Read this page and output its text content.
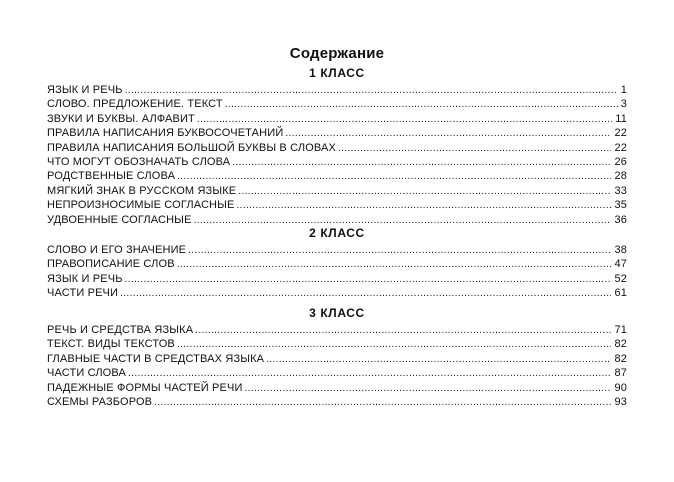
Содержание
1 КЛАСС
ЯЗЫК И РЕЧЬ . . .	1
СЛОВО. ПРЕДЛОЖЕНИЕ. ТЕКСТ . . .	3
ЗВУКИ И БУКВЫ. АЛФАВИТ . . .	11
ПРАВИЛА НАПИСАНИЯ БУКВОСОЧЕТАНИЙ . . .	22
ПРАВИЛА НАПИСАНИЯ БОЛЬШОЙ БУКВЫ В СЛОВАХ . . .	22
ЧТО МОГУТ ОБОЗНАЧАТЬ СЛОВА . . .	26
РОДСТВЕННЫЕ СЛОВА . . .	28
МЯГКИЙ ЗНАК В РУССКОМ ЯЗЫКЕ . . .	33
НЕПРОИЗНОСИМЫЕ СОГЛАСНЫЕ . . .	35
УДВОЕННЫЕ СОГЛАСНЫЕ . . .	36
2 КЛАСС
СЛОВО И ЕГО ЗНАЧЕНИЕ . . .	38
ПРАВОПИСАНИЕ СЛОВ . . .	47
ЯЗЫК И РЕЧЬ . . .	52
ЧАСТИ РЕЧИ . . .	61
3 КЛАСС
РЕЧЬ И СРЕДСТВА ЯЗЫКА . . .	71
ТЕКСТ. ВИДЫ ТЕКСТОВ . . .	82
ГЛАВНЫЕ ЧАСТИ В СРЕДСТВАХ ЯЗЫКА . . .	82
ЧАСТИ СЛОВА . . .	87
ПАДЕЖНЫЕ ФОРМЫ ЧАСТЕЙ РЕЧИ . . .	90
СХЕМЫ РАЗБОРОВ . . .	93
